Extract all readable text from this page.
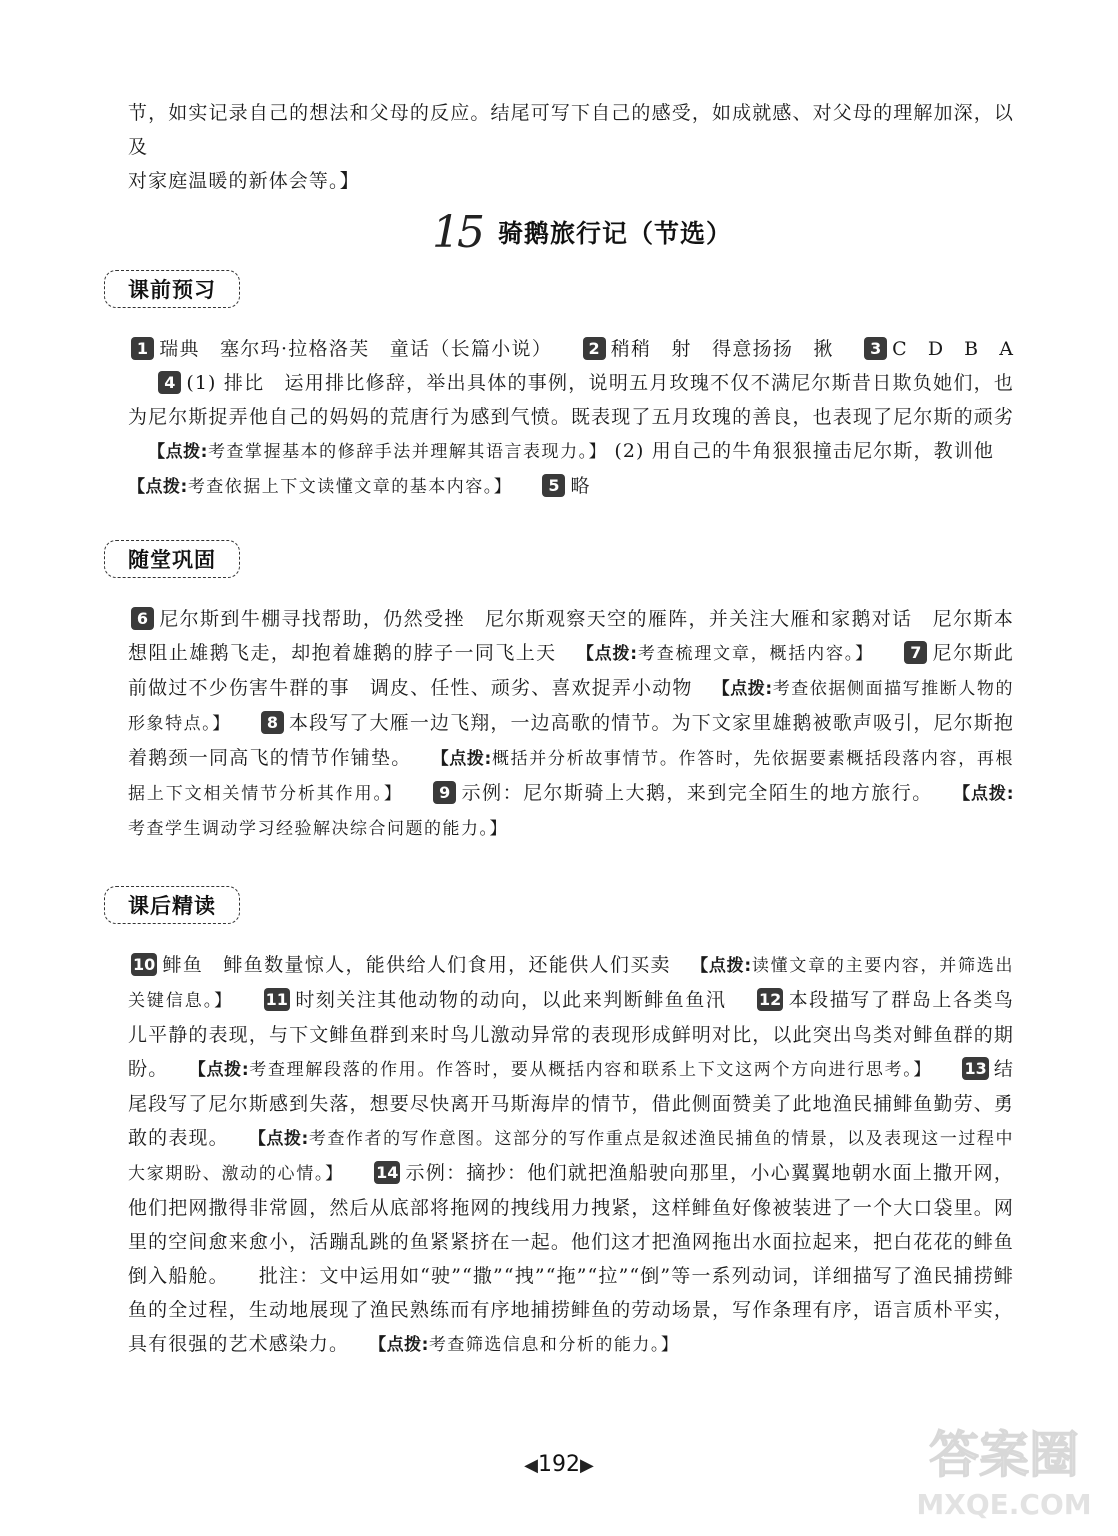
节，如实记录自己的想法和父母的反应。结尾可写下自己的感受，如成就感、对父母的理解加深，以及
对家庭温暖的新体会等。】
15 骑鹅旅行记（节选）
课前预习
1 瑞典 塞尔玛·拉格洛芙 童话（长篇小说） 2 稍稍 射 得意扬扬 揪 3 C D B A 4 (1) 排比 运用排比修辞，举出具体的事例，说明五月玫瑰不仅不满尼尔斯昔日欺负她们，也为尼尔斯捉弄他自己的妈妈的荒唐行为感到气愤。既表现了五月玫瑰的善良，也表现了尼尔斯的顽劣【点拨:考查掌握基本的修辞手法并理解其语言表现力。】 (2) 用自己的牛角狠狠撞击尼尔斯，教训他【点拨:考查依据上下文读懂文章的基本内容。】 5 略
随堂巩固
6 尼尔斯到牛棚寻找帮助，仍然受挫 尼尔斯观察天空的雁阵，并关注大雁和家鹅对话 尼尔斯本想阻止雄鹅飞走，却抱着雄鹅的脖子一同飞上天 【点拨:考查梳理文章，概括内容。】 7 尼尔斯此前做过不少伤害牛群的事 调皮、任性、顽劣、喜欢捉弄小动物 【点拨:考查依据侧面描写推断人物的形象特点。】 8 本段写了大雁一边飞翔，一边高歌的情节。为下文家里雄鹅被歌声吸引，尼尔斯抱着鹅颈一同高飞的情节作铺垫。 【点拨:概括并分析故事情节。作答时，先依据要素概括段落内容，再根据上下文相关情节分析其作用。】 9 示例：尼尔斯骑上大鹅，来到完全陌生的地方旅行。 【点拨:考查学生调动学习经验解决综合问题的能力。】
课后精读
10 鲱鱼 鲱鱼数量惊人，能供给人们食用，还能供人们买卖 【点拨:读懂文章的主要内容，并筛选出关键信息。】 11 时刻关注其他动物的动向，以此来判断鲱鱼鱼汛 12 本段描写了群岛上各类鸟儿平静的表现，与下文鲱鱼群到来时鸟儿激动异常的表现形成鲜明对比，以此突出鸟类对鲱鱼群的期盼。 【点拨:考查理解段落的作用。作答时，要从概括内容和联系上下文这两个方向进行思考。】 13 结尾段写了尼尔斯感到失落，想要尽快离开马斯海岸的情节，借此侧面赞美了此地渔民捕鲱鱼勤劳、勇敢的表现。 【点拨:考查作者的写作意图。这部分的写作重点是叙述渔民捕鱼的情景，以及表现这一过程中大家期盼、激动的心情。】 14 示例：摘抄：他们就把渔船驶向那里，小心翼翼地朝水面上撒开网，他们把网撒得非常圆，然后从底部将拖网的拽线用力拽紧，这样鲱鱼好像被装进了一个大口袋里。网里的空间愈来愈小，活蹦乱跳的鱼紧紧挤在一起。他们这才把渔网拖出水面拉起来，把白花花的鲱鱼倒入船舱。 批注：文中运用如“驶”“撒”“拽”“拖”“拉”“倒”等一系列动词，详细描写了渔民捕捞鲱鱼的全过程，生动地展现了渔民熟练而有序地捕捞鲱鱼的劳动场景，写作条理有序，语言质朴平实，具有很强的艺术感染力。 【点拨:考查筛选信息和分析的能力。】
◀192▶	答案圈
MXQE.COM
